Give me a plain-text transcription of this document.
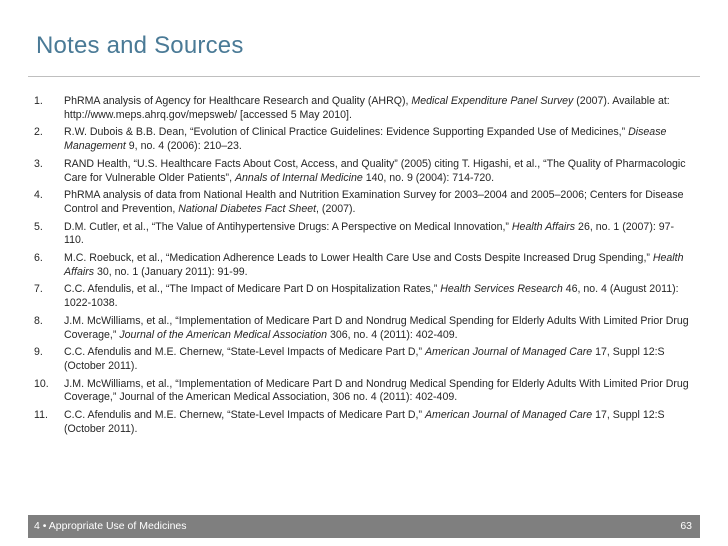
Notes and Sources
1.	PhRMA analysis of Agency for Healthcare Research and Quality (AHRQ), Medical Expenditure Panel Survey (2007). Available at: http://www.meps.ahrq.gov/mepsweb/ [accessed 5 May 2010].
2.	R.W. Dubois & B.B. Dean, “Evolution of Clinical Practice Guidelines: Evidence Supporting Expanded Use of Medicines,” Disease Management 9, no. 4 (2006): 210–23.
3.	RAND Health, “U.S. Healthcare Facts About Cost, Access, and Quality” (2005) citing T. Higashi, et al., “The Quality of Pharmacologic Care for Vulnerable Older Patients”, Annals of Internal Medicine 140, no. 9 (2004): 714-720.
4.	PhRMA analysis of data from National Health and Nutrition Examination Survey for 2003–2004 and 2005–2006; Centers for Disease Control and Prevention, National Diabetes Fact Sheet, (2007).
5.	D.M. Cutler, et al., “The Value of Antihypertensive Drugs: A Perspective on Medical Innovation,” Health Affairs 26, no. 1 (2007): 97-110.
6.	M.C. Roebuck, et al., “Medication Adherence Leads to Lower Health Care Use and Costs Despite Increased Drug Spending,” Health Affairs 30, no. 1 (January 2011): 91-99.
7.	C.C. Afendulis, et al., “The Impact of Medicare Part D on Hospitalization Rates,” Health Services Research 46, no. 4 (August 2011): 1022-1038.
8.	J.M. McWilliams, et al., “Implementation of Medicare Part D and Nondrug Medical Spending for Elderly Adults With Limited Prior Drug Coverage,” Journal of the American Medical Association 306, no. 4 (2011): 402-409.
9.	C.C. Afendulis and M.E. Chernew, “State-Level Impacts of Medicare Part D,” American Journal of Managed Care 17, Suppl 12:S (October 2011).
10.	J.M. McWilliams, et al., “Implementation of Medicare Part D and Nondrug Medical Spending for Elderly Adults With Limited Prior Drug Coverage,” Journal of the American Medical Association, 306 no. 4 (2011): 402-409.
11.	C.C. Afendulis and M.E. Chernew, “State-Level Impacts of Medicare Part D,” American Journal of Managed Care 17, Suppl 12:S (October 2011).
4 • Appropriate Use of Medicines	63
